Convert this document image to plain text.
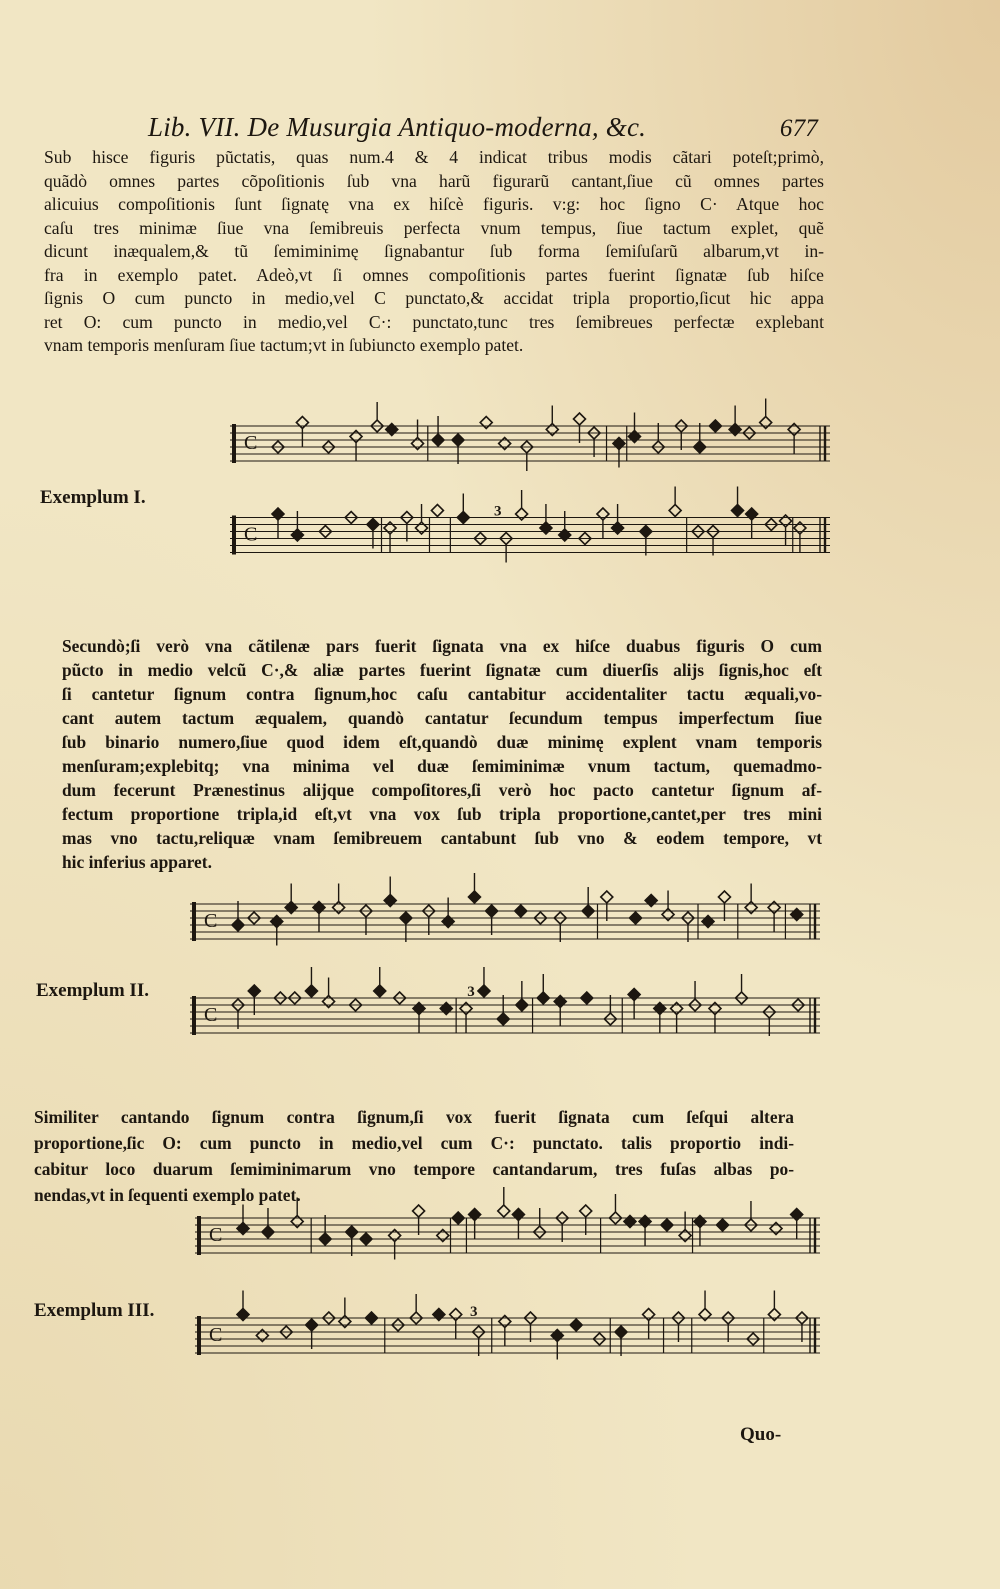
Lib. VII. De Musurgia Antiquo-moderna, &c.	677
Sub hisce figuris pũctatis, quas num.4 & 4 indicat tribus modis cãtari poteſt;primò,
quãdò omnes partes cõpoſitionis ſub vna harũ figurarũ cantant,ſiue cũ omnes partes
alicuius compoſitionis ſunt ſignatę vna ex hiſcè figuris. v:g: hoc ſigno C· Atque hoc
caſu tres minimæ ſiue vna ſemibreuis perfecta vnum tempus, ſiue tactum explet, quẽ
dicunt inæqualem,& tũ ſemiminimę ſignabantur ſub forma ſemiſuſarũ albarum,vt in-
fra in exemplo patet. Adeò,vt ſi omnes compoſitionis partes fuerint ſignatæ ſub hiſce
ſignis O cum puncto in medio,vel C punctato,& accidat tripla proportio,ſicut hic appa
ret O: cum puncto in medio,vel C·: punctato,tunc tres ſemibreues perfectæ explebant
vnam temporis menſuram ſiue tactum;vt in ſubiuncto exemplo patet.
Exemplum I.
C
C
3
Secundò;ſi verò vna cãtilenæ pars fuerit ſignata vna ex hiſce duabus figuris O cum
pũcto in medio velcũ C·,& aliæ partes fuerint ſignatæ cum diuerſis alijs ſignis,hoc eſt
ſi cantetur ſignum contra ſignum,hoc caſu cantabitur accidentaliter tactu æquali,vo-
cant autem tactum æqualem, quandò cantatur ſecundum tempus imperfectum ſiue
ſub binario numero,ſiue quod idem eſt,quandò duæ minimę explent vnam temporis
menſuram;explebitq; vna minima vel duæ ſemiminimæ vnum tactum, quemadmo-
dum fecerunt Prænestinus alijque compoſitores,ſi verò hoc pacto cantetur ſignum af-
fectum proportione tripla,id eſt,vt vna vox ſub tripla proportione,cantet,per tres mini
mas vno tactu,reliquæ vnam ſemibreuem cantabunt ſub vno & eodem tempore, vt
hic inferius apparet.
Exemplum II.
C
C
3
Similiter cantando ſignum contra ſignum,ſi vox fuerit ſignata cum ſeſqui altera
proportione,ſic O: cum puncto in medio,vel cum C·: punctato. talis proportio indi-
cabitur loco duarum ſemiminimarum vno tempore cantandarum, tres fuſas albas po-
nendas,vt in ſequenti exemplo patet.
Exemplum III.
C
C
3
Quo-
